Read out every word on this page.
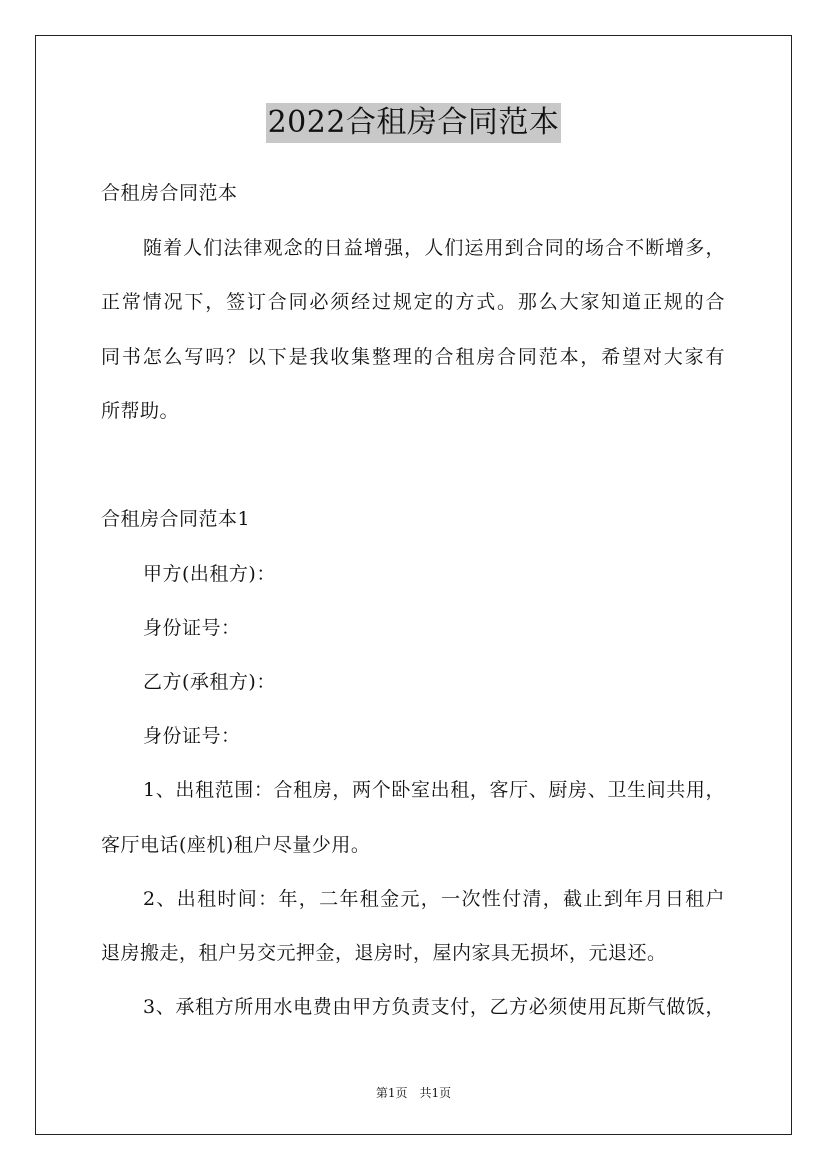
2022合租房合同范本
合租房合同范本
随着人们法律观念的日益增强，人们运用到合同的场合不断增多，
正常情况下，签订合同必须经过规定的方式。那么大家知道正规的合
同书怎么写吗？以下是我收集整理的合租房合同范本，希望对大家有
所帮助。
合租房合同范本1
甲方(出租方)：
身份证号：
乙方(承租方)：
身份证号：
1、出租范围：合租房，两个卧室出租，客厅、厨房、卫生间共用，
客厅电话(座机)租户尽量少用。
2、出租时间：年，二年租金元，一次性付清，截止到年月日租户
退房搬走，租户另交元押金，退房时，屋内家具无损坏，元退还。
3、承租方所用水电费由甲方负责支付，乙方必须使用瓦斯气做饭，
第1页　共1页
